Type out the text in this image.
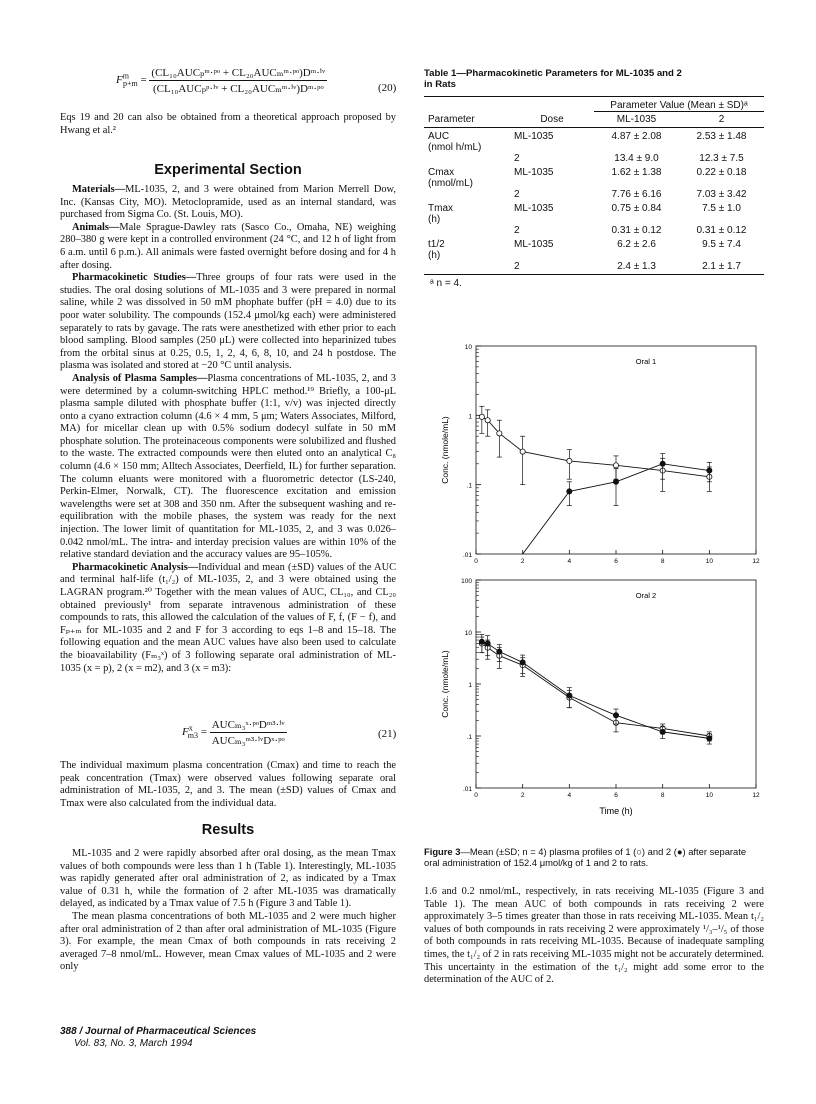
$F^m_{p+m} = \frac{\text{(CL₁₀AUCₚᵐ·ᵖᵒ + CL₂₀AUCₘᵐ·ᵖᵒ)Dᵐ·ⁱᵛ}}{\text{(CL₁₀AUCₚᵖ·ⁱᵛ + CL₂₀AUCₘᵐ·ⁱᵛ)Dᵐ·ᵖᵒ}}$	(20)

Eqs 19 and 20 can also be obtained from a theoretical approach proposed by Hwang et al.²

Experimental Section

Materials—ML-1035, 2, and 3 were obtained from Marion Merrell Dow, Inc. (Kansas City, MO). Metoclopramide, used as an internal standard, was purchased from Sigma Co. (St. Louis, MO).

Animals—Male Sprague-Dawley rats (Sasco Co., Omaha, NE) weighing 280–380 g were kept in a controlled environment (24 °C, and 12 h of light from 6 a.m. until 6 p.m.). All animals were fasted overnight before dosing and for 4 h after dosing.

Pharmacokinetic Studies—Three groups of four rats were used in the studies. The oral dosing solutions of ML-1035 and 3 were prepared in normal saline, while 2 was dissolved in 50 mM phophate buffer (pH = 4.0) due to its poor water solubility. The compounds (152.4 μmol/kg each) were administered separately to rats by gavage. The rats were anesthetized with ether prior to each blood sampling. Blood samples (250 μL) were collected into heparinized tubes from the orbital sinus at 0.25, 0.5, 1, 2, 4, 6, 8, 10, and 24 h postdose. The plasma was isolated and stored at −20 °C until analysis.

Analysis of Plasma Samples—Plasma concentrations of ML-1035, 2, and 3 were determined by a column-switching HPLC method.¹⁹ Briefly, a 100-μL plasma sample diluted with phosphate buffer (1:1, v/v) was injected directly onto a cyano extraction column (4.6 × 4 mm, 5 μm; Waters Associates, Milford, MA) for micellar clean up with 0.5% sodium dodecyl sulfate in 50 mM phosphate solution. The proteinaceous components were solubilized and flushed to the waste. The extracted compounds were then eluted onto an analytical C₈ column (4.6 × 150 mm; Alltech Associates, Deerfield, IL) for further separation. The column eluants were monitored with a fluorometric detector (LS-240, Perkin-Elmer, Norwalk, CT). The fluorescence excitation and emission wavelengths were set at 308 and 350 nm. After the subsequent washing and re-equilibration with the mobile phases, the system was ready for the next injection. The lower limit of quantitation for ML-1035, 2, and 3 was 0.026–0.042 nmol/mL. The intra- and interday precision values are within 10% of the relative standard deviation and the accuracy values are 95–105%.

Pharmacokinetic Analysis—Individual and mean (±SD) values of the AUC and terminal half-life (t₁/₂) of ML-1035, 2, and 3 were obtained using the LAGRAN program.²⁰ Together with the mean values of AUC, CL₁₀, and CL₂₀ obtained previously¹ from separate intravenous administration of these compounds to rats, this allowed the calculation of the values of F, f, (F − f), and Fₚ₊ₘ for ML-1035 and 2 and F for 3 according to eqs 1–8 and 15–18. The following equation and the mean AUC values have also been used to calculate the bioavailability (Fₘ₃ˣ) of 3 following separate oral administration of ML-1035 (x = p), 2 (x = m2), and 3 (x = m3):

$F^x_{m3} = \frac{\text{AUCₘ₃ˣ·ᵖᵒDᵐ³·ⁱᵛ}}{\text{AUCₘ₃ᵐ³·ⁱᵛDˣ·ᵖᵒ}}$	(21)

The individual maximum plasma concentration (Cmax) and time to reach the peak concentration (Tmax) were observed values following separate oral administration of ML-1035, 2, and 3. The mean (±SD) values of Cmax and Tmax were also calculated from the individual data.

Results

ML-1035 and 2 were rapidly absorbed after oral dosing, as the mean Tmax values of both compounds were less than 1 h (Table 1). Interestingly, ML-1035 was rapidly generated after oral administration of 2, as indicated by a Tmax value of 0.31 h, while the formation of 2 after ML-1035 was dramatically delayed, as indicated by a Tmax value of 7.5 h (Figure 3 and Table 1).

The mean plasma concentrations of both ML-1035 and 2 were much higher after oral administration of 2 than after oral administration of ML-1035 (Figure 3). For example, the mean Cmax of both compounds in rats receiving 2 averaged 7–8 nmol/mL. However, mean Cmax values of ML-1035 and 2 were only

Table 1—Pharmacokinetic Parameters for ML-1035 and 2 in Rats
		Parameter Value (Mean ± SD)ᵃ	
Parameter	Dose	ML-1035	2

AUC
(nmol h/mL)	ML-1035	4.87 ± 2.08	2.53 ± 1.48

	2	13.4 ± 9.0	12.3 ± 7.5

Cmax
(nmol/mL)	ML-1035	1.62 ± 1.38	0.22 ± 0.18

	2	7.76 ± 6.16	7.03 ± 3.42

Tmax
(h)	ML-1035	0.75 ± 0.84	7.5 ± 1.0

	2	0.31 ± 0.12	0.31 ± 0.12

t1/2
(h)	ML-1035	6.2 ± 2.6	9.5 ± 7.4

	2	2.4 ± 1.3	2.1 ± 1.7
ᵃ n = 4.
.01
.1
1
10
0	2	4	6	8	10	12
Oral 1
Conc. (nmole/mL)
.01
.1
1
10
100
0	2	4	6	8	10	12
Oral 2
Conc. (nmole/mL)
Time (h)
Figure 3—Mean (±SD; n = 4) plasma profiles of 1 (○) and 2 (●) after separate oral administration of 152.4 μmol/kg of 1 and 2 to rats.

1.6 and 0.2 nmol/mL, respectively, in rats receiving ML-1035 (Figure 3 and Table 1). The mean AUC of both compounds in rats receiving 2 were approximately 3–5 times greater than those in rats receiving ML-1035. Mean t₁/₂ values of both compounds in rats receiving 2 were approximately ¹/₃–¹/₅ of those of both compounds in rats receiving ML-1035. Because of inadequate sampling times, the t₁/₂ of 2 in rats receiving ML-1035 might not be accurately determined. This uncertainty in the estimation of the t₁/₂ might add some error to the determination of the AUC of 2.

388 / Journal of Pharmaceutical Sciences
Vol. 83, No. 3, March 1994
